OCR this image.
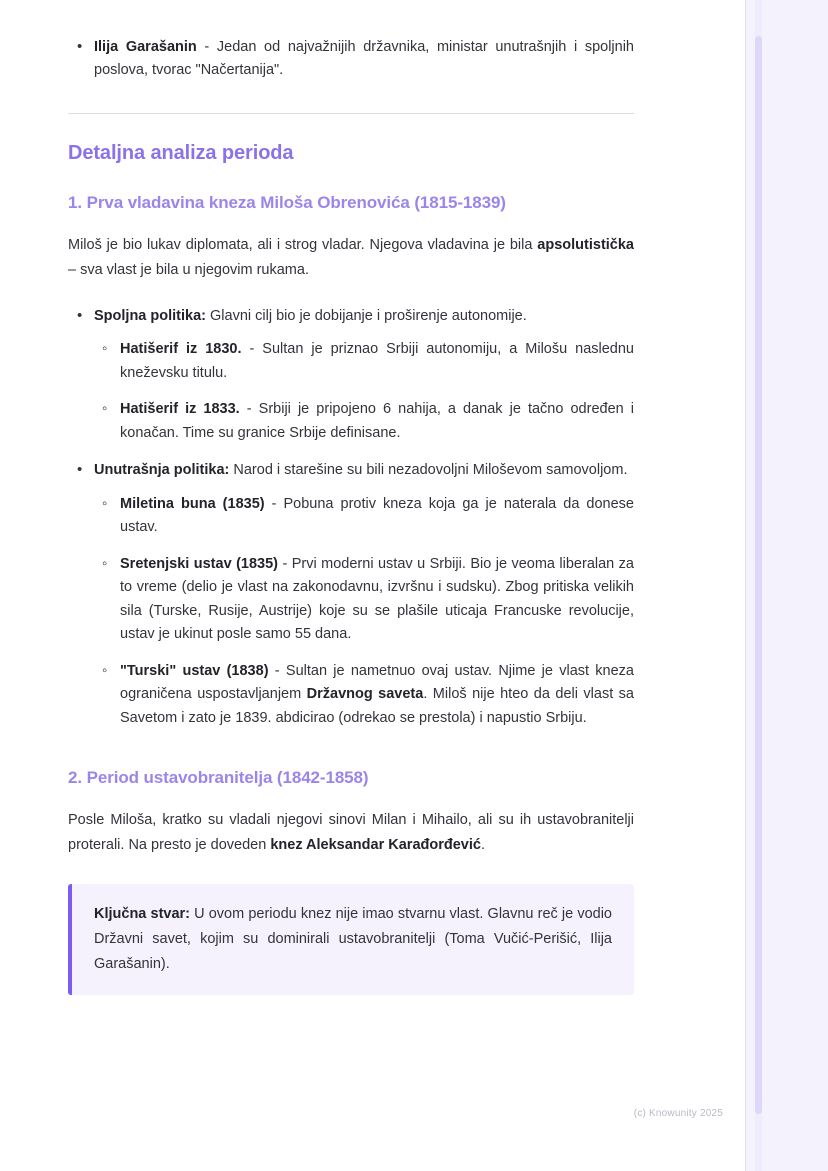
• Ilija Garašanin - Jedan od najvažnijih državnika, ministar unutrašnjih i spoljnih poslova, tvorac "Načertanija".
Detaljna analiza perioda
1. Prva vladavina kneza Miloša Obrenovića (1815-1839)

Miloš je bio lukav diplomata, ali i strog vladar. Njegova vladavina je bila apsolutistička – sva vlast je bila u njegovim rukama.

• Spoljna politika: Glavni cilj bio je dobijanje i proširenje autonomije.
◦ Hatišerif iz 1830. - Sultan je priznao Srbiji autonomiju, a Milošu naslednu kneževsku titulu.
◦ Hatišerif iz 1833. - Srbiji je pripojeno 6 nahija, a danak je tačno određen i konačan. Time su granice Srbije definisane.
• Unutrašnja politika: Narod i starešine su bili nezadovoljni Miloševom samovoljom.
◦ Miletina buna (1835) - Pobuna protiv kneza koja ga je naterala da donese ustav.
◦ Sretenjski ustav (1835) - Prvi moderni ustav u Srbiji. Bio je veoma liberalan za to vreme (delio je vlast na zakonodavnu, izvršnu i sudsku). Zbog pritiska velikih sila (Turske, Rusije, Austrije) koje su se plašile uticaja Francuske revolucije, ustav je ukinut posle samo 55 dana.
◦ "Turski" ustav (1838) - Sultan je nametnuo ovaj ustav. Njime je vlast kneza ograničena uspostavljanjem Državnog saveta. Miloš nije hteo da deli vlast sa Savetom i zato je 1839. abdicirao (odrekao se prestola) i napustio Srbiju.
2. Period ustavobranitelja (1842-1858)

Posle Miloša, kratko su vladali njegovi sinovi Milan i Mihailo, ali su ih ustavobranitelji proterali. Na presto je doveden knez Aleksandar Karađorđević.

Ključna stvar: U ovom periodu knez nije imao stvarnu vlast. Glavnu reč je vodio Državni savet, kojim su dominirali ustavobranitelji (Toma Vučić-Perišić, Ilija Garašanin).

(c) Knowunity 2025
